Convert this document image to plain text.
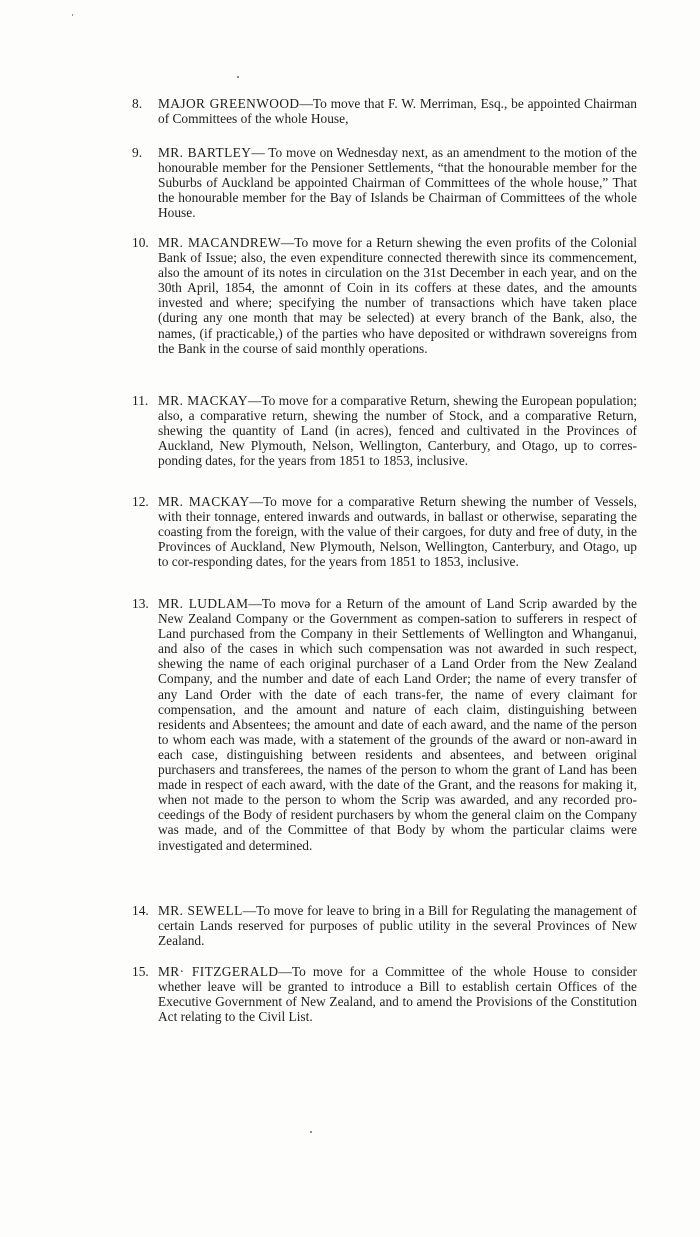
8.	MAJOR GREENWOOD—To move that F. W. Merriman, Esq., be appointed Chairman of Committees of the whole House,
9.	MR. BARTLEY— To move on Wednesday next, as an amendment to the motion of the honourable member for the Pensioner Settlements, “that the honourable member for the Suburbs of Auckland be appointed Chairman of Committees of the whole house,” That the honourable member for the Bay of Islands be Chairman of Committees of the whole House.
10. MR. MACANDREW—To move for a Return shewing the even profits of the Colonial Bank of Issue; also, the even expenditure connected therewith since its commencement, also the amount of its notes in circulation on the 31st December in each year, and on the 30th April, 1854, the amonnt of Coin in its coffers at these dates, and the amounts invested and where; specifying the number of transactions which have taken place (during any one month that may be selected) at every branch of the Bank, also, the names, (if practicable,) of the parties who have deposited or withdrawn sovereigns from the Bank in the course of said monthly operations.
11. MR. MACKAY—To move for a comparative Return, shewing the European population; also, a comparative return, shewing the number of Stock, and a comparative Return, shewing the quantity of Land (in acres), fenced and cultivated in the Provinces of Auckland, New Plymouth, Nelson, Wellington, Canterbury, and Otago, up to corres-ponding dates, for the years from 1851 to 1853, inclusive.
12. MR. MACKAY—To move for a comparative Return shewing the number of Vessels, with their tonnage, entered inwards and outwards, in ballast or otherwise, separating the coasting from the foreign, with the value of their cargoes, for duty and free of duty, in the Provinces of Auckland, New Plymouth, Nelson, Wellington, Canterbury, and Otago, up to cor-responding dates, for the years from 1851 to 1853, inclusive.
13. MR. LUDLAM—To movə for a Return of the amount of Land Scrip awarded by the New Zealand Company or the Government as compen-sation to sufferers in respect of Land purchased from the Company in their Settlements of Wellington and Whanganui, and also of the cases in which such compensation was not awarded in such respect, shewing the name of each original purchaser of a Land Order from the New Zealand Company, and the number and date of each Land Order; the name of every transfer of any Land Order with the date of each trans-fer, the name of every claimant for compensation, and the amount and nature of each claim, distinguishing between residents and Absentees; the amount and date of each award, and the name of the person to whom each was made, with a statement of the grounds of the award or non-award in each case, distinguishing between residents and absentees, and between original purchasers and transferees, the names of the person to whom the grant of Land has been made in respect of each award, with the date of the Grant, and the reasons for making it, when not made to the person to whom the Scrip was awarded, and any recorded pro-ceedings of the Body of resident purchasers by whom the general claim on the Company was made, and of the Committee of that Body by whom the particular claims were investigated and determined.
14. MR. SEWELL—To move for leave to bring in a Bill for Regulating the management of certain Lands reserved for purposes of public utility in the several Provinces of New Zealand.
15. MR· FITZGERALD—To move for a Committee of the whole House to consider whether leave will be granted to introduce a Bill to establish certain Offices of the Executive Government of New Zealand, and to amend the Provisions of the Constitution Act relating to the Civil List.
